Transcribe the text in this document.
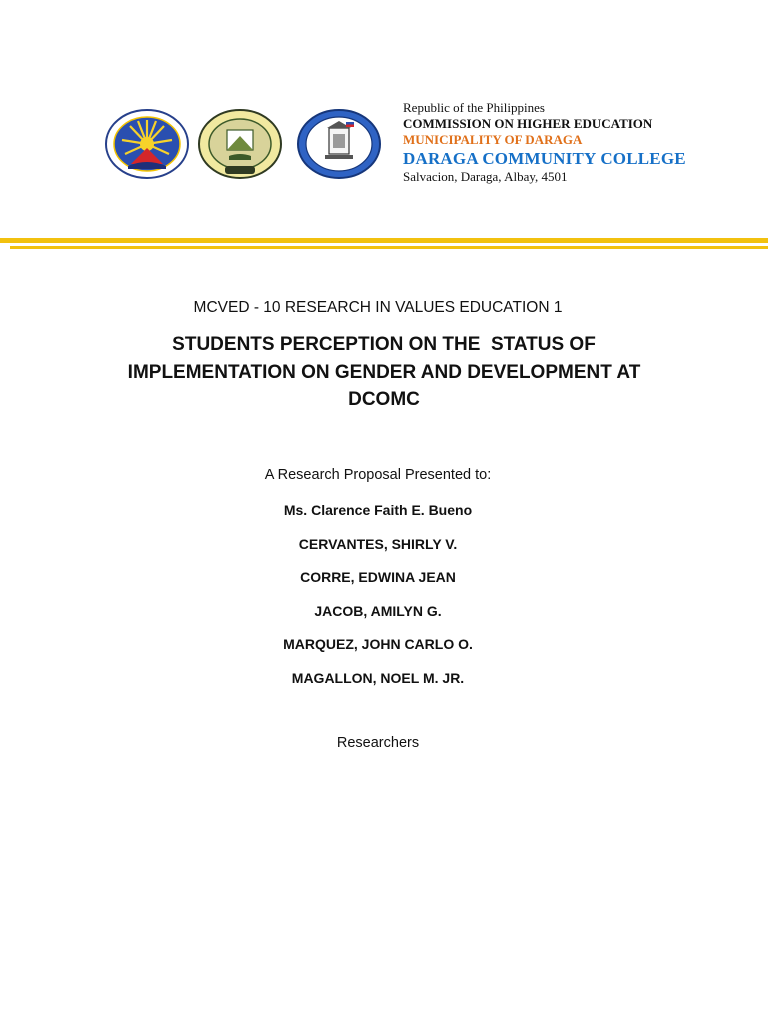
Republic of the Philippines
COMMISSION ON HIGHER EDUCATION
MUNICIPALITY OF DARAGA
DARAGA COMMUNITY COLLEGE
Salvacion, Daraga, Albay, 4501
MCVED - 10 RESEARCH IN VALUES EDUCATION 1
STUDENTS PERCEPTION ON THE  STATUS OF
IMPLEMENTATION ON GENDER AND DEVELOPMENT AT
DCOMC
A Research Proposal Presented to:
Ms. Clarence Faith E. Bueno
CERVANTES, SHIRLY V.
CORRE, EDWINA JEAN
JACOB, AMILYN G.
MARQUEZ, JOHN CARLO O.
MAGALLON, NOEL M. JR.
Researchers
